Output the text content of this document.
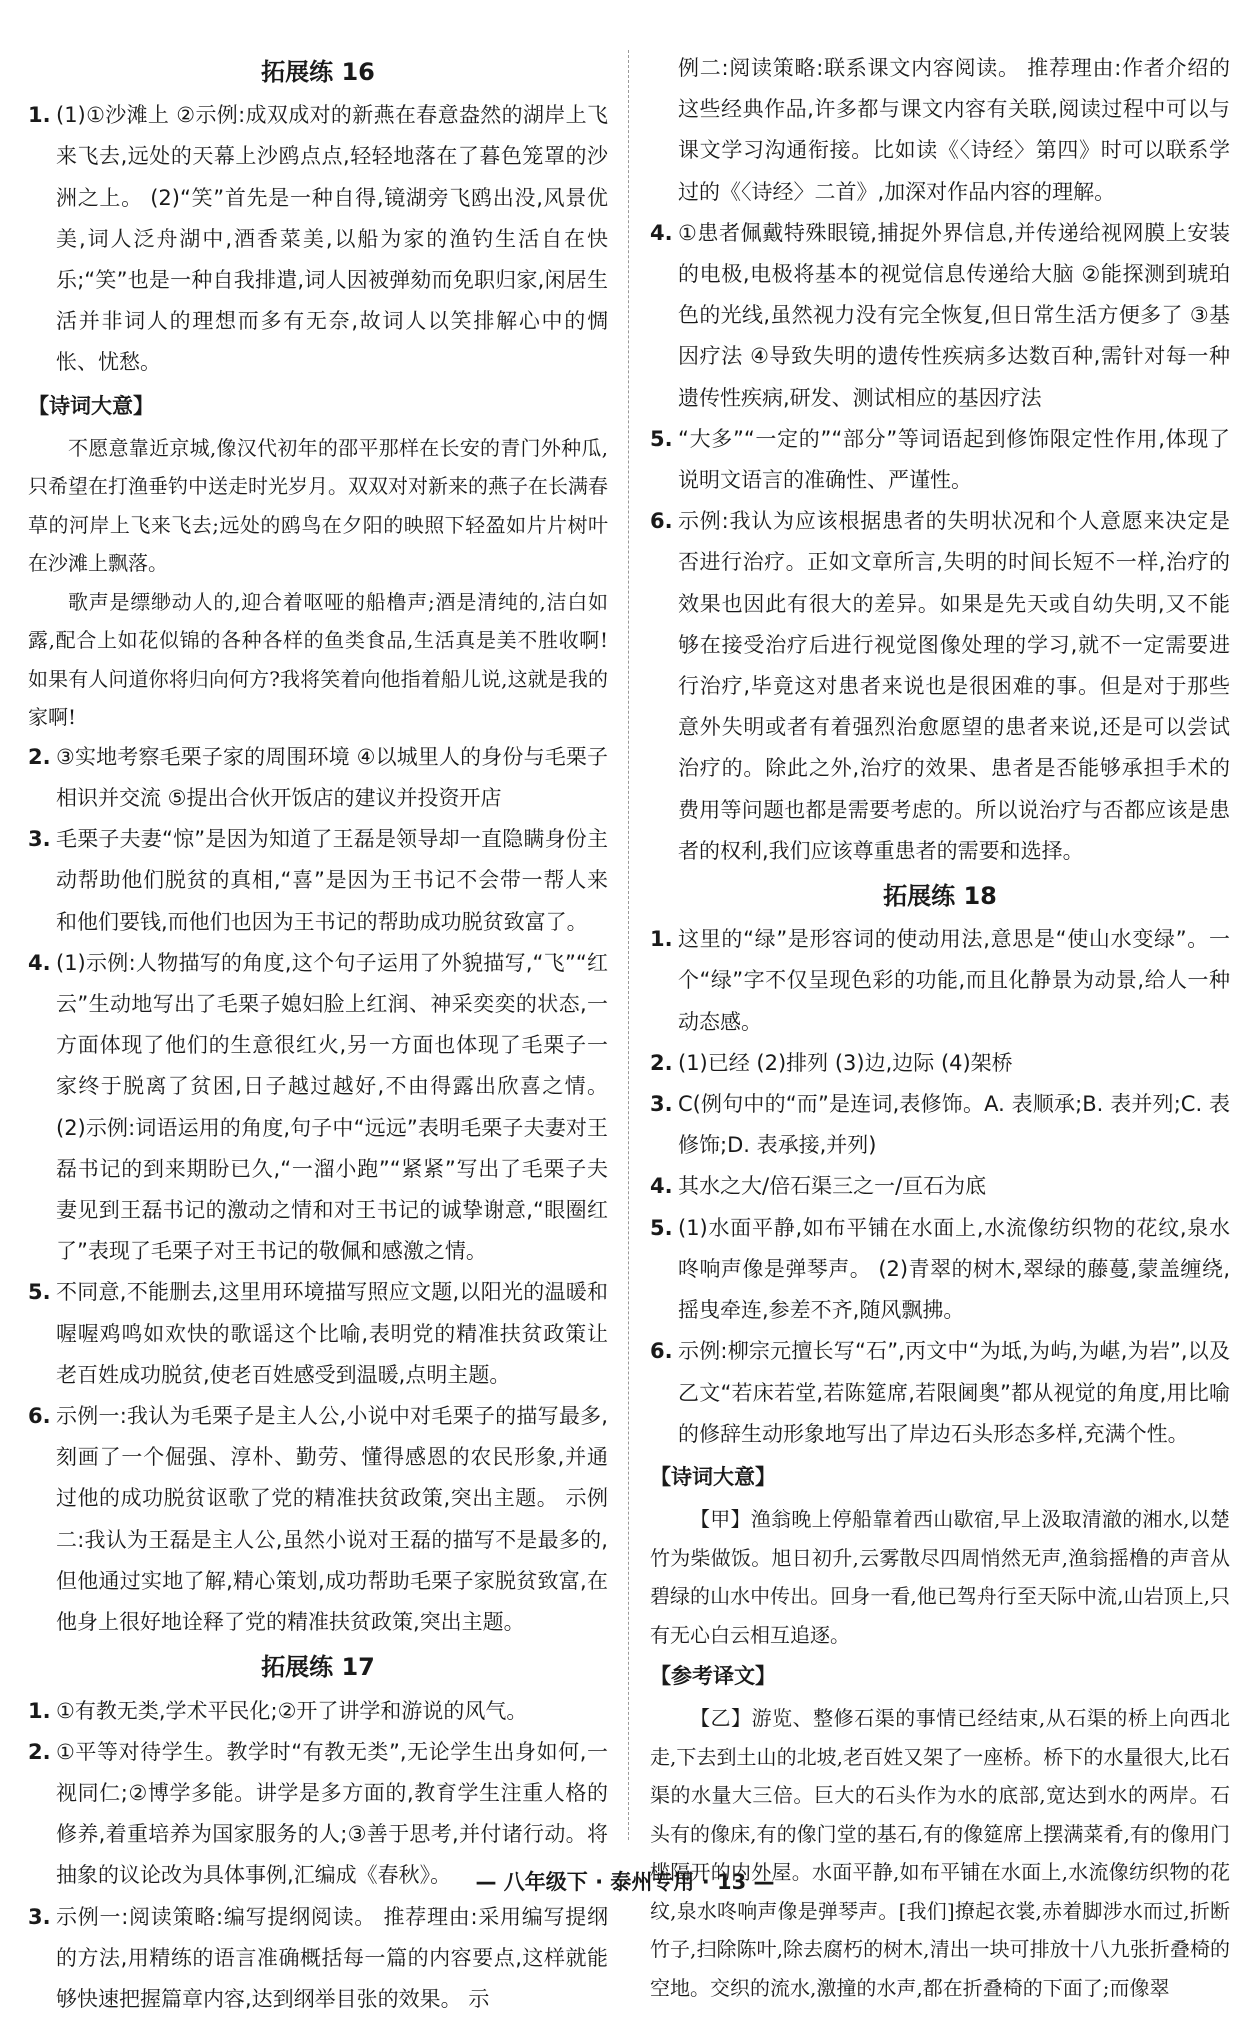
拓展练 16
1. (1)①沙滩上 ②示例:成双成对的新燕在春意盎然的湖岸上飞来飞去,远处的天幕上沙鸥点点,轻轻地落在了暮色笼罩的沙洲之上。 (2)“笑”首先是一种自得,镜湖旁飞鸥出没,风景优美,词人泛舟湖中,酒香菜美,以船为家的渔钓生活自在快乐;“笑”也是一种自我排遣,词人因被弹劾而免职归家,闲居生活并非词人的理想而多有无奈,故词人以笑排解心中的惆怅、忧愁。
【诗词大意】

不愿意靠近京城,像汉代初年的邵平那样在长安的青门外种瓜,只希望在打渔垂钓中送走时光岁月。双双对对新来的燕子在长满春草的河岸上飞来飞去;远处的鸥鸟在夕阳的映照下轻盈如片片树叶在沙滩上飘落。

歌声是缥缈动人的,迎合着呕哑的船橹声;酒是清纯的,洁白如露,配合上如花似锦的各种各样的鱼类食品,生活真是美不胜收啊!如果有人问道你将归向何方?我将笑着向他指着船儿说,这就是我的家啊!

2. ③实地考察毛栗子家的周围环境 ④以城里人的身份与毛栗子相识并交流 ⑤提出合伙开饭店的建议并投资开店
3. 毛栗子夫妻“惊”是因为知道了王磊是领导却一直隐瞒身份主动帮助他们脱贫的真相,“喜”是因为王书记不会带一帮人来和他们要钱,而他们也因为王书记的帮助成功脱贫致富了。
4. (1)示例:人物描写的角度,这个句子运用了外貌描写,“飞”“红云”生动地写出了毛栗子媳妇脸上红润、神采奕奕的状态,一方面体现了他们的生意很红火,另一方面也体现了毛栗子一家终于脱离了贫困,日子越过越好,不由得露出欣喜之情。 (2)示例:词语运用的角度,句子中“远远”表明毛栗子夫妻对王磊书记的到来期盼已久,“一溜小跑”“紧紧”写出了毛栗子夫妻见到王磊书记的激动之情和对王书记的诚挚谢意,“眼圈红了”表现了毛栗子对王书记的敬佩和感激之情。
5. 不同意,不能删去,这里用环境描写照应文题,以阳光的温暖和喔喔鸡鸣如欢快的歌谣这个比喻,表明党的精准扶贫政策让老百姓成功脱贫,使老百姓感受到温暖,点明主题。
6. 示例一:我认为毛栗子是主人公,小说中对毛栗子的描写最多,刻画了一个倔强、淳朴、勤劳、懂得感恩的农民形象,并通过他的成功脱贫讴歌了党的精准扶贫政策,突出主题。 示例二:我认为王磊是主人公,虽然小说对王磊的描写不是最多的,但他通过实地了解,精心策划,成功帮助毛栗子家脱贫致富,在他身上很好地诠释了党的精准扶贫政策,突出主题。
拓展练 17
1. ①有教无类,学术平民化;②开了讲学和游说的风气。
2. ①平等对待学生。教学时“有教无类”,无论学生出身如何,一视同仁;②博学多能。讲学是多方面的,教育学生注重人格的修养,着重培养为国家服务的人;③善于思考,并付诸行动。将抽象的议论改为具体事例,汇编成《春秋》。
3. 示例一:阅读策略:编写提纲阅读。 推荐理由:采用编写提纲的方法,用精练的语言准确概括每一篇的内容要点,这样就能够快速把握篇章内容,达到纲举目张的效果。 示
例二:阅读策略:联系课文内容阅读。 推荐理由:作者介绍的这些经典作品,许多都与课文内容有关联,阅读过程中可以与课文学习沟通衔接。比如读《〈诗经〉第四》时可以联系学过的《〈诗经〉二首》,加深对作品内容的理解。
4. ①患者佩戴特殊眼镜,捕捉外界信息,并传递给视网膜上安装的电极,电极将基本的视觉信息传递给大脑 ②能探测到琥珀色的光线,虽然视力没有完全恢复,但日常生活方便多了 ③基因疗法 ④导致失明的遗传性疾病多达数百种,需针对每一种遗传性疾病,研发、测试相应的基因疗法
5. “大多”“一定的”“部分”等词语起到修饰限定性作用,体现了说明文语言的准确性、严谨性。
6. 示例:我认为应该根据患者的失明状况和个人意愿来决定是否进行治疗。正如文章所言,失明的时间长短不一样,治疗的效果也因此有很大的差异。如果是先天或自幼失明,又不能够在接受治疗后进行视觉图像处理的学习,就不一定需要进行治疗,毕竟这对患者来说也是很困难的事。但是对于那些意外失明或者有着强烈治愈愿望的患者来说,还是可以尝试治疗的。除此之外,治疗的效果、患者是否能够承担手术的费用等问题也都是需要考虑的。所以说治疗与否都应该是患者的权利,我们应该尊重患者的需要和选择。
拓展练 18
1. 这里的“绿”是形容词的使动用法,意思是“使山水变绿”。一个“绿”字不仅呈现色彩的功能,而且化静景为动景,给人一种动态感。
2. (1)已经 (2)排列 (3)边,边际 (4)架桥
3. C(例句中的“而”是连词,表修饰。A. 表顺承;B. 表并列;C. 表修饰;D. 表承接,并列)
4. 其水之大/倍石渠三之一/亘石为底
5. (1)水面平静,如布平铺在水面上,水流像纺织物的花纹,泉水咚响声像是弹琴声。 (2)青翠的树木,翠绿的藤蔓,蒙盖缠绕,摇曳牵连,参差不齐,随风飘拂。
6. 示例:柳宗元擅长写“石”,丙文中“为坻,为屿,为嵁,为岩”,以及乙文“若床若堂,若陈筵席,若限阃奥”都从视觉的角度,用比喻的修辞生动形象地写出了岸边石头形态多样,充满个性。
【诗词大意】

【甲】渔翁晚上停船靠着西山歇宿,早上汲取清澈的湘水,以楚竹为柴做饭。旭日初升,云雾散尽四周悄然无声,渔翁摇橹的声音从碧绿的山水中传出。回身一看,他已驾舟行至天际中流,山岩顶上,只有无心白云相互追逐。

【参考译文】

【乙】游览、整修石渠的事情已经结束,从石渠的桥上向西北走,下去到土山的北坡,老百姓又架了一座桥。桥下的水量很大,比石渠的水量大三倍。巨大的石头作为水的底部,宽达到水的两岸。石头有的像床,有的像门堂的基石,有的像筵席上摆满菜肴,有的像用门槛隔开的内外屋。水面平静,如布平铺在水面上,水流像纺织物的花纹,泉水咚响声像是弹琴声。[我们]撩起衣裳,赤着脚涉水而过,折断竹子,扫除陈叶,除去腐朽的树木,清出一块可排放十八九张折叠椅的空地。交织的流水,激撞的水声,都在折叠椅的下面了;而像翠

— 八年级下 · 泰州专用 · 13 —
